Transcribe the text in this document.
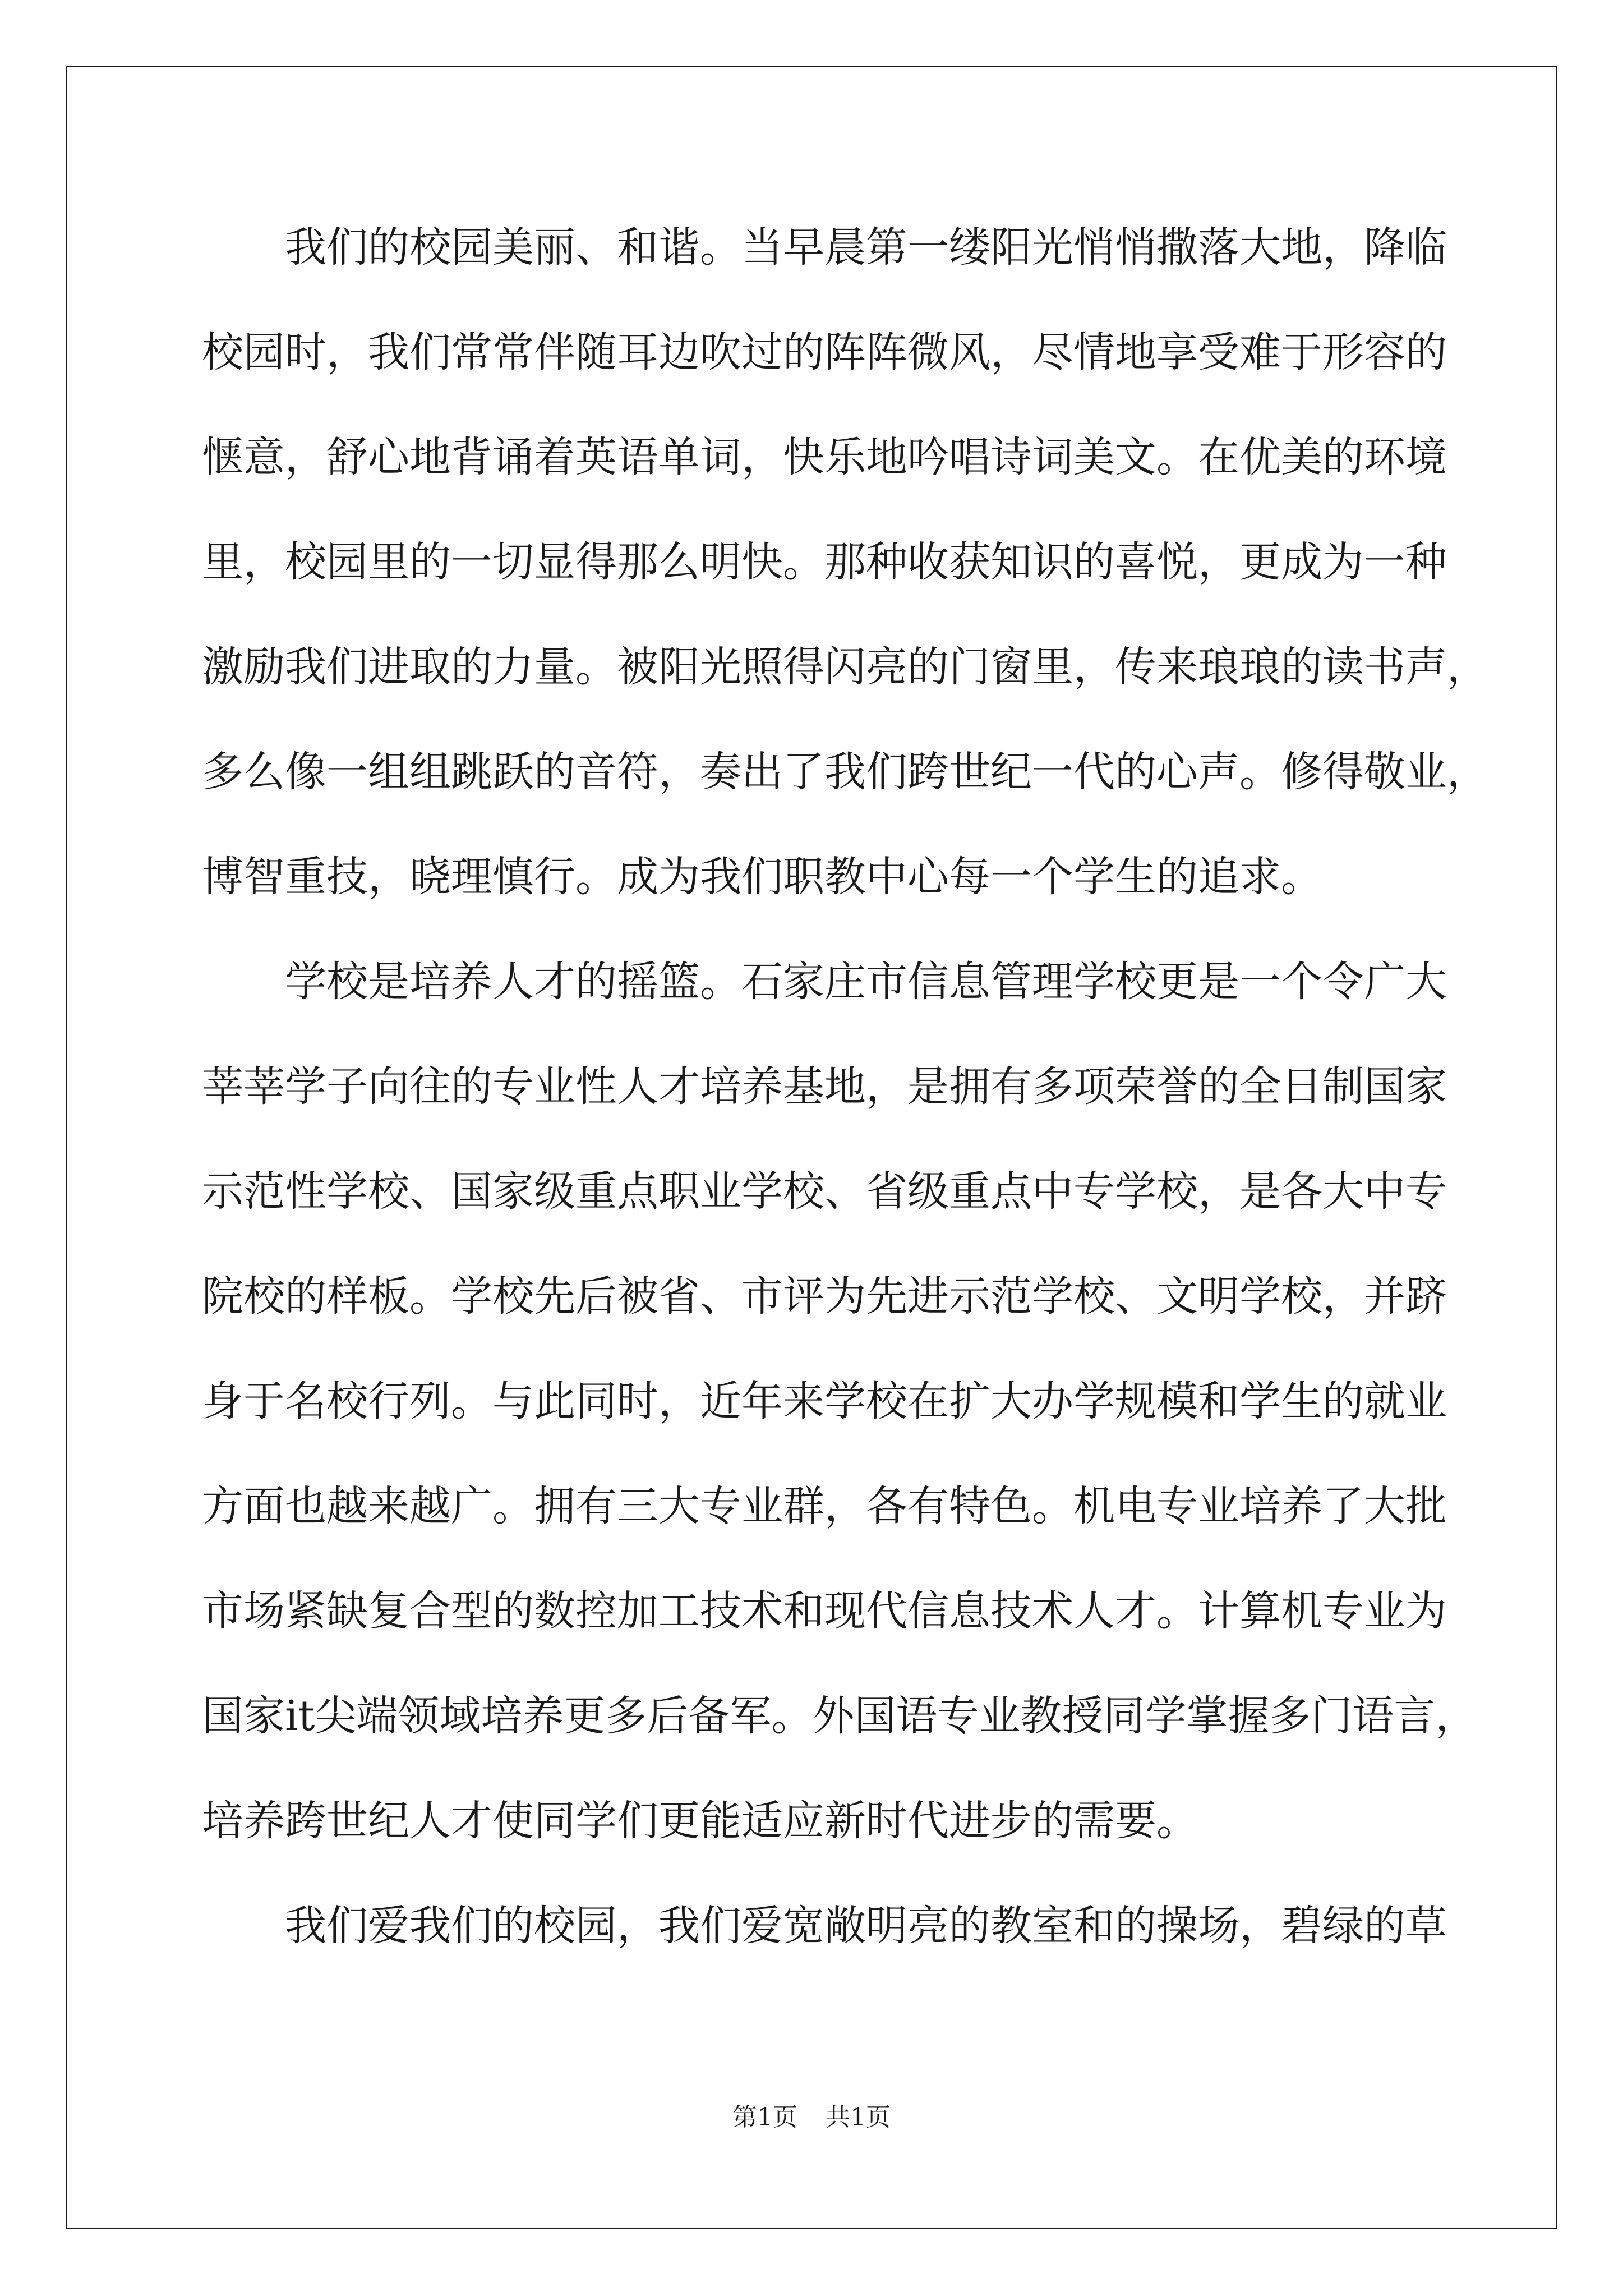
我们的校园美丽、和谐。当早晨第一缕阳光悄悄撒落大地，降临
校园时，我们常常伴随耳边吹过的阵阵微风，尽情地享受难于形容的
惬意，舒心地背诵着英语单词，快乐地吟唱诗词美文。在优美的环境
里，校园里的一切显得那么明快。那种收获知识的喜悦，更成为一种
激励我们进取的力量。被阳光照得闪亮的门窗里，传来琅琅的读书声，
多么像一组组跳跃的音符，奏出了我们跨世纪一代的心声。修得敬业，
博智重技，晓理慎行。成为我们职教中心每一个学生的追求。
学校是培养人才的摇篮。石家庄市信息管理学校更是一个令广大
莘莘学子向往的专业性人才培养基地，是拥有多项荣誉的全日制国家
示范性学校、国家级重点职业学校、省级重点中专学校，是各大中专
院校的样板。学校先后被省、市评为先进示范学校、文明学校，并跻
身于名校行列。与此同时，近年来学校在扩大办学规模和学生的就业
方面也越来越广。拥有三大专业群，各有特色。机电专业培养了大批
市场紧缺复合型的数控加工技术和现代信息技术人才。计算机专业为
国家it尖端领域培养更多后备军。外国语专业教授同学掌握多门语言，
培养跨世纪人才使同学们更能适应新时代进步的需要。
我们爱我们的校园，我们爱宽敞明亮的教室和的操场，碧绿的草
第1页 共1页
